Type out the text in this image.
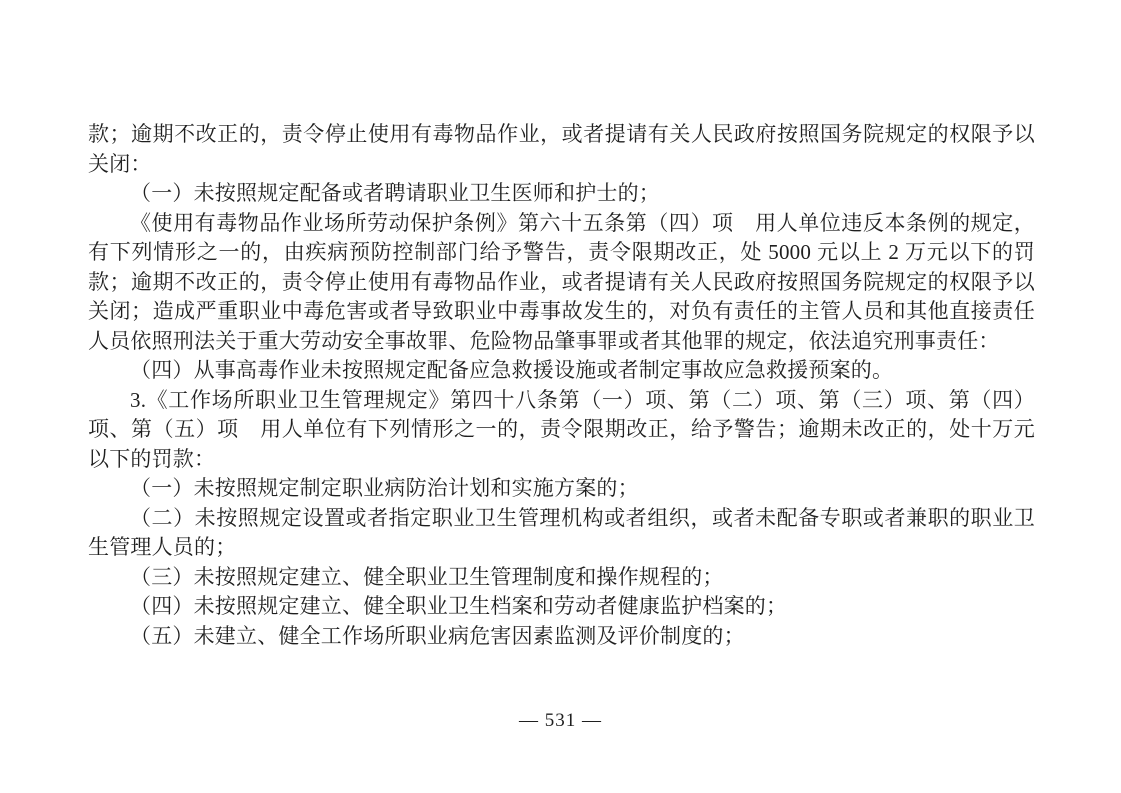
款；逾期不改正的，责令停止使用有毒物品作业，或者提请有关人民政府按照国务院规定的权限予以关闭：

（一）未按照规定配备或者聘请职业卫生医师和护士的；

《使用有毒物品作业场所劳动保护条例》第六十五条第（四）项　用人单位违反本条例的规定，有下列情形之一的，由疾病预防控制部门给予警告，责令限期改正，处 5000 元以上 2 万元以下的罚款；逾期不改正的，责令停止使用有毒物品作业，或者提请有关人民政府按照国务院规定的权限予以关闭；造成严重职业中毒危害或者导致职业中毒事故发生的，对负有责任的主管人员和其他直接责任人员依照刑法关于重大劳动安全事故罪、危险物品肇事罪或者其他罪的规定，依法追究刑事责任：

（四）从事高毒作业未按照规定配备应急救援设施或者制定事故应急救援预案的。

3.《工作场所职业卫生管理规定》第四十八条第（一）项、第（二）项、第（三）项、第（四）项、第（五）项　用人单位有下列情形之一的，责令限期改正，给予警告；逾期未改正的，处十万元以下的罚款：

（一）未按照规定制定职业病防治计划和实施方案的；

（二）未按照规定设置或者指定职业卫生管理机构或者组织，或者未配备专职或者兼职的职业卫生管理人员的；

（三）未按照规定建立、健全职业卫生管理制度和操作规程的；

（四）未按照规定建立、健全职业卫生档案和劳动者健康监护档案的；

（五）未建立、健全工作场所职业病危害因素监测及评价制度的；

— 531 —
